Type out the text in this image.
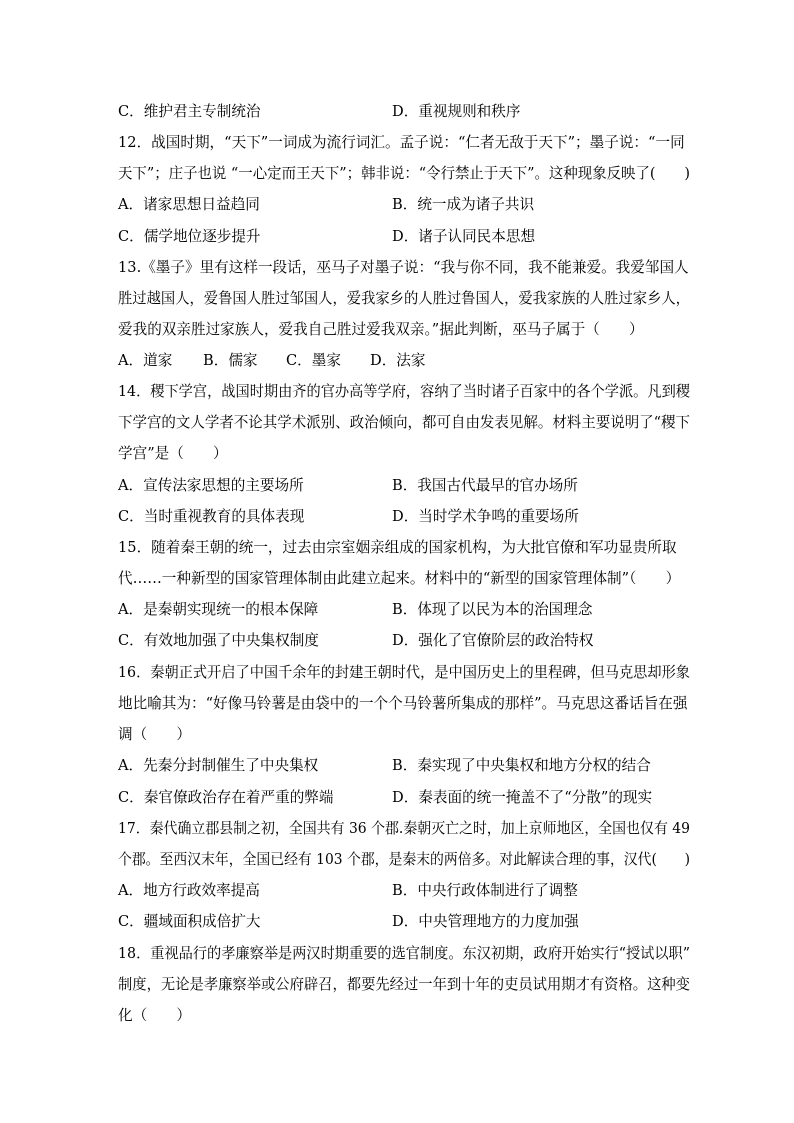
C．维护君主专制统治	D．重视规则和秩序
12．战国时期，“天下”一词成为流行词汇。孟子说：“仁者无敌于天下”；墨子说：“一同
天下”；庄子也说 “一心定而王天下”；韩非说：“令行禁止于天下”。这种现象反映了(　　)
A．诸家思想日益趋同	B．统一成为诸子共识
C．儒学地位逐步提升	D．诸子认同民本思想
13.《墨子》里有这样一段话，巫马子对墨子说：“我与你不同，我不能兼爱。我爱邹国人
胜过越国人，爱鲁国人胜过邹国人，爱我家乡的人胜过鲁国人，爱我家族的人胜过家乡人，
爱我的双亲胜过家族人，爱我自己胜过爱我双亲。”据此判断，巫马子属于（　　）
A．道家 B．儒家 C．墨家 D．法家
14．稷下学宫，战国时期由齐的官办高等学府，容纳了当时诸子百家中的各个学派。凡到稷
下学宫的文人学者不论其学术派别、政治倾向，都可自由发表见解。材料主要说明了“稷下
学宫”是（　　）
A．宣传法家思想的主要场所	B．我国古代最早的官办场所
C．当时重视教育的具体表现	D．当时学术争鸣的重要场所
15．随着秦王朝的统一，过去由宗室姻亲组成的国家机构，为大批官僚和军功显贵所取
代……一种新型的国家管理体制由此建立起来。材料中的“新型的国家管理体制”（　　）
A．是秦朝实现统一的根本保障	B．体现了以民为本的治国理念
C．有效地加强了中央集权制度	D．强化了官僚阶层的政治特权
16．秦朝正式开启了中国千余年的封建王朝时代，是中国历史上的里程碑，但马克思却形象
地比喻其为：“好像马铃薯是由袋中的一个个马铃薯所集成的那样”。马克思这番话旨在强
调（　　）
A．先秦分封制催生了中央集权	B．秦实现了中央集权和地方分权的结合
C．秦官僚政治存在着严重的弊端	D．秦表面的统一掩盖不了“分散”的现实
17．秦代确立郡县制之初，全国共有 36 个郡.秦朝灭亡之时，加上京师地区，全国也仅有 49
个郡。至西汉末年，全国已经有 103 个郡，是秦末的两倍多。对此解读合理的事，汉代(　　)
A．地方行政效率提高	B．中央行政体制进行了调整
C．疆域面积成倍扩大	D．中央管理地方的力度加强
18．重视品行的孝廉察举是两汉时期重要的选官制度。东汉初期，政府开始实行“授试以职”
制度，无论是孝廉察举或公府辟召，都要先经过一年到十年的吏员试用期才有资格。这种变
化（　　）
